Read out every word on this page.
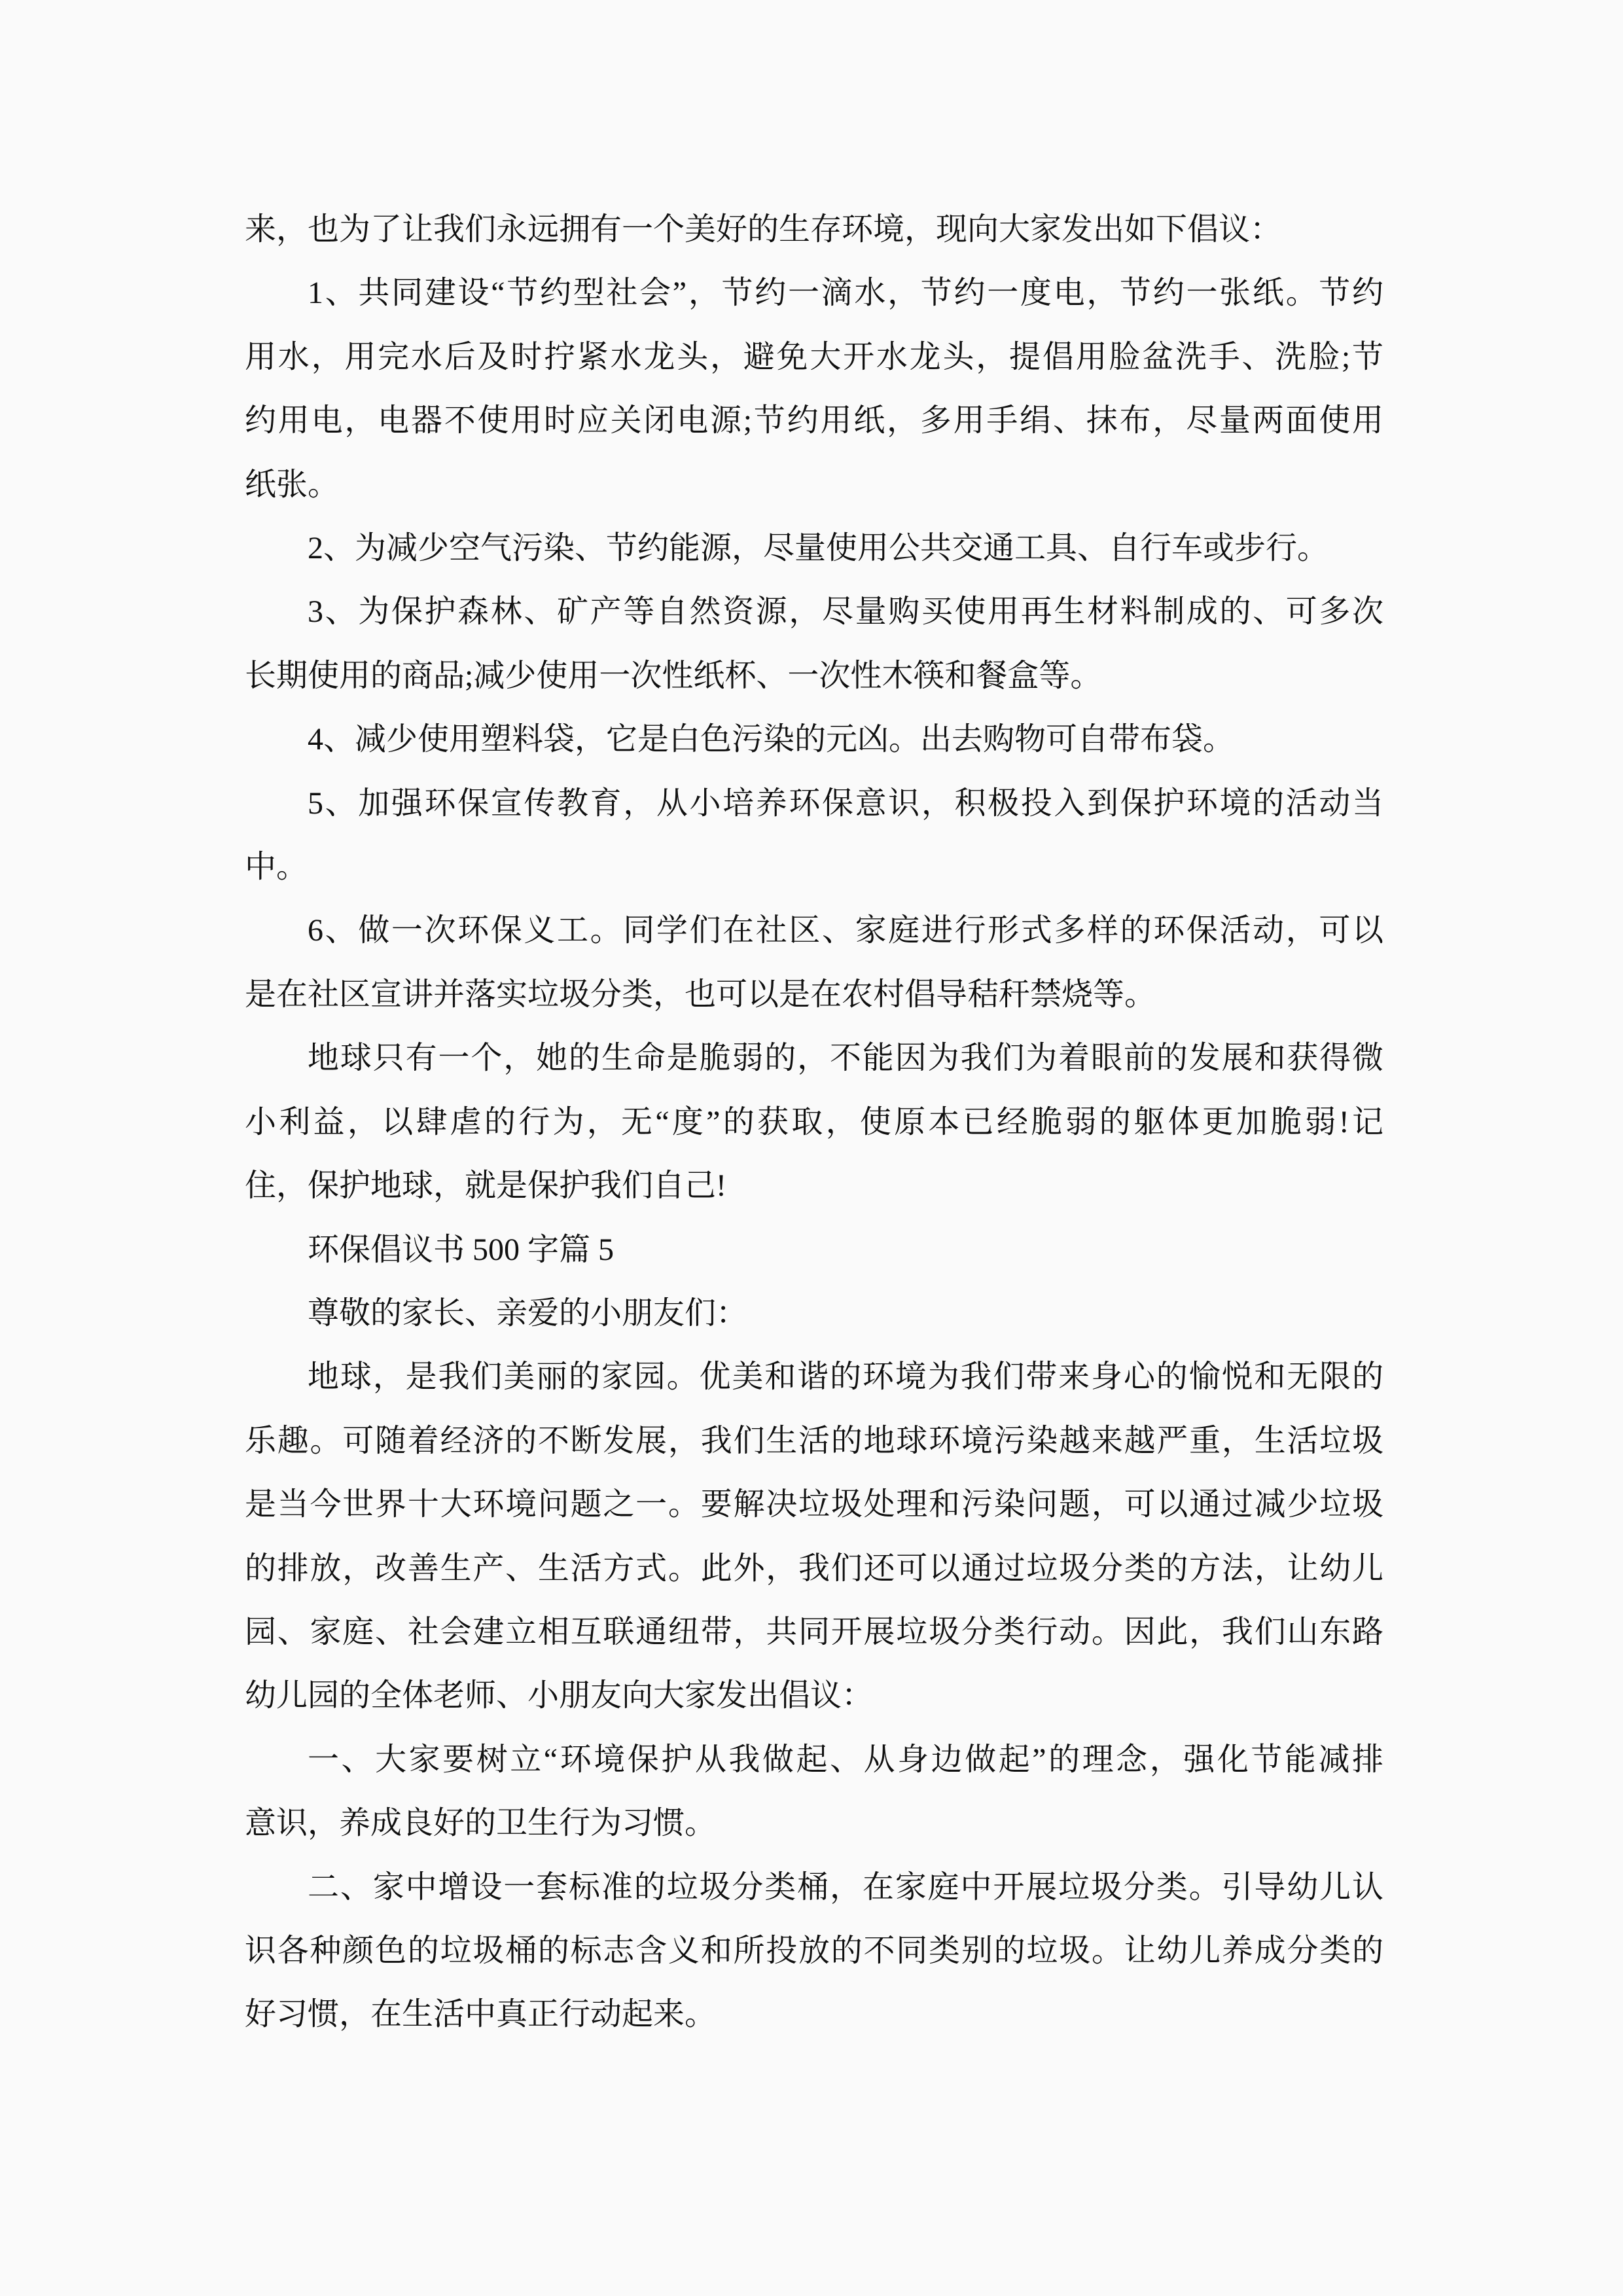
来，也为了让我们永远拥有一个美好的生存环境，现向大家发出如下倡议：
1、共同建设“节约型社会”，节约一滴水，节约一度电，节约一张纸。节约
用水，用完水后及时拧紧水龙头，避免大开水龙头，提倡用脸盆洗手、洗脸;节
约用电，电器不使用时应关闭电源;节约用纸，多用手绢、抹布，尽量两面使用
纸张。
2、为减少空气污染、节约能源，尽量使用公共交通工具、自行车或步行。
3、为保护森林、矿产等自然资源，尽量购买使用再生材料制成的、可多次
长期使用的商品;减少使用一次性纸杯、一次性木筷和餐盒等。
4、减少使用塑料袋，它是白色污染的元凶。出去购物可自带布袋。
5、加强环保宣传教育，从小培养环保意识，积极投入到保护环境的活动当
中。
6、做一次环保义工。同学们在社区、家庭进行形式多样的环保活动，可以
是在社区宣讲并落实垃圾分类，也可以是在农村倡导秸秆禁烧等。
地球只有一个，她的生命是脆弱的，不能因为我们为着眼前的发展和获得微
小利益，以肆虐的行为，无“度”的获取，使原本已经脆弱的躯体更加脆弱!记
住，保护地球，就是保护我们自己!
环保倡议书 500 字篇 5
尊敬的家长、亲爱的小朋友们：
地球，是我们美丽的家园。优美和谐的环境为我们带来身心的愉悦和无限的
乐趣。可随着经济的不断发展，我们生活的地球环境污染越来越严重，生活垃圾
是当今世界十大环境问题之一。要解决垃圾处理和污染问题，可以通过减少垃圾
的排放，改善生产、生活方式。此外，我们还可以通过垃圾分类的方法，让幼儿
园、家庭、社会建立相互联通纽带，共同开展垃圾分类行动。因此，我们山东路
幼儿园的全体老师、小朋友向大家发出倡议：
一、大家要树立“环境保护从我做起、从身边做起”的理念，强化节能减排
意识，养成良好的卫生行为习惯。
二、家中增设一套标准的垃圾分类桶，在家庭中开展垃圾分类。引导幼儿认
识各种颜色的垃圾桶的标志含义和所投放的不同类别的垃圾。让幼儿养成分类的
好习惯，在生活中真正行动起来。
